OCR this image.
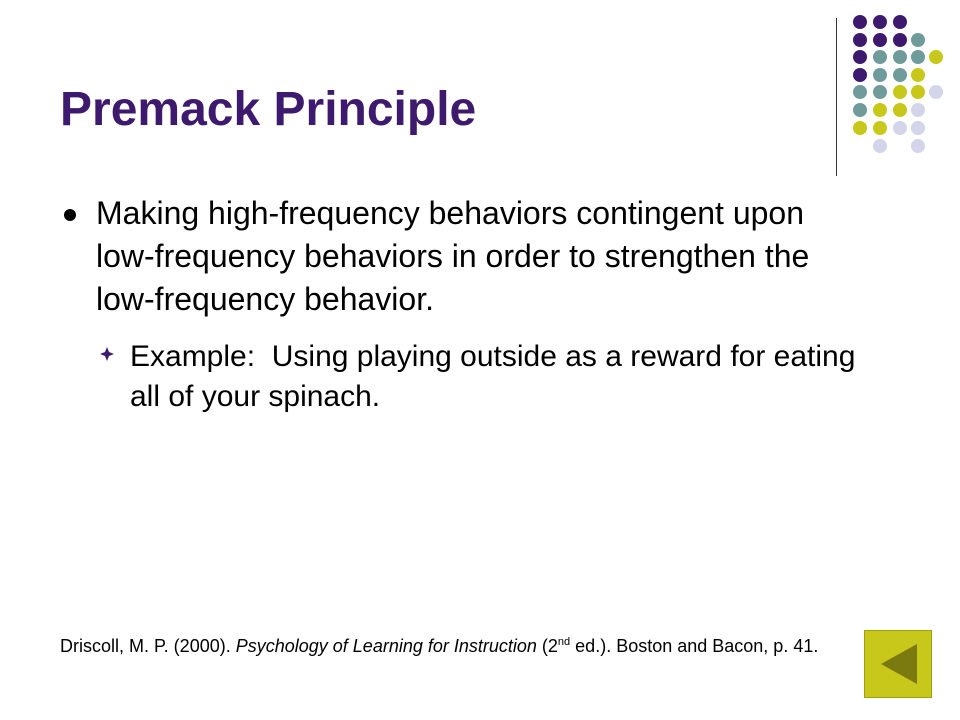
Premack Principle
Making high-frequency behaviors contingent upon low-frequency behaviors in order to strengthen the low-frequency behavior.
Example: Using playing outside as a reward for eating all of your spinach.
Driscoll, M. P. (2000). Psychology of Learning for Instruction (2nd ed.). Boston and Bacon, p. 41.
